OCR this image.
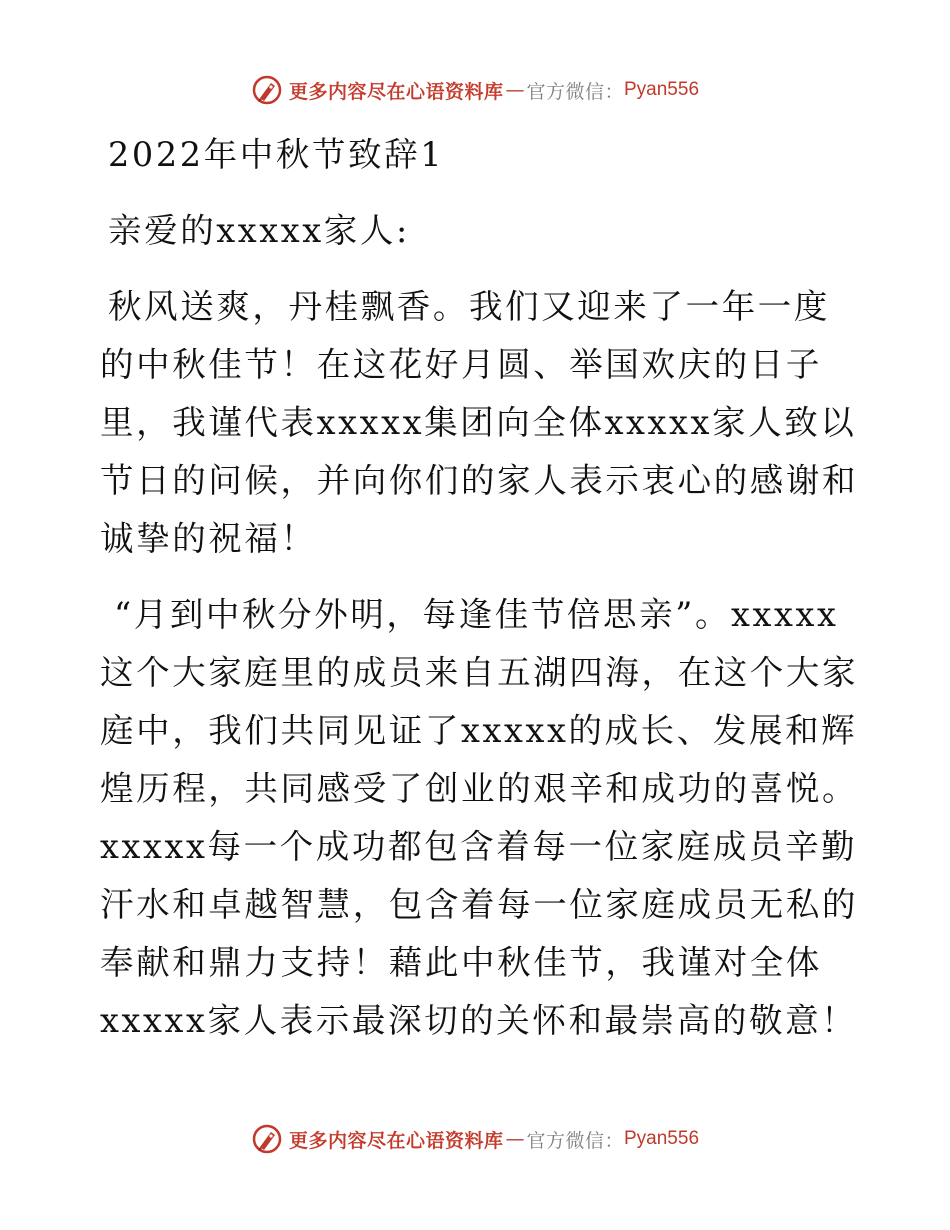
更多内容尽在心语资料库 — 官方微信： Pyan556

2022年中秋节致辞1

亲爱的xxxxx家人:

秋风送爽，丹桂飘香。我们又迎来了一年一度的中秋佳节！在这花好月圆、举国欢庆的日子里，我谨代表xxxxx集团向全体xxxxx家人致以节日的问候，并向你们的家人表示衷心的感谢和诚挚的祝福！

“月到中秋分外明，每逢佳节倍思亲”。xxxxx这个大家庭里的成员来自五湖四海，在这个大家庭中，我们共同见证了xxxxx的成长、发展和辉煌历程，共同感受了创业的艰辛和成功的喜悦。xxxxx每一个成功都包含着每一位家庭成员辛勤汗水和卓越智慧，包含着每一位家庭成员无私的奉献和鼎力支持！藉此中秋佳节，我谨对全体xxxxx家人表示最深切的关怀和最崇高的敬意！

更多内容尽在心语资料库 — 官方微信： Pyan556
